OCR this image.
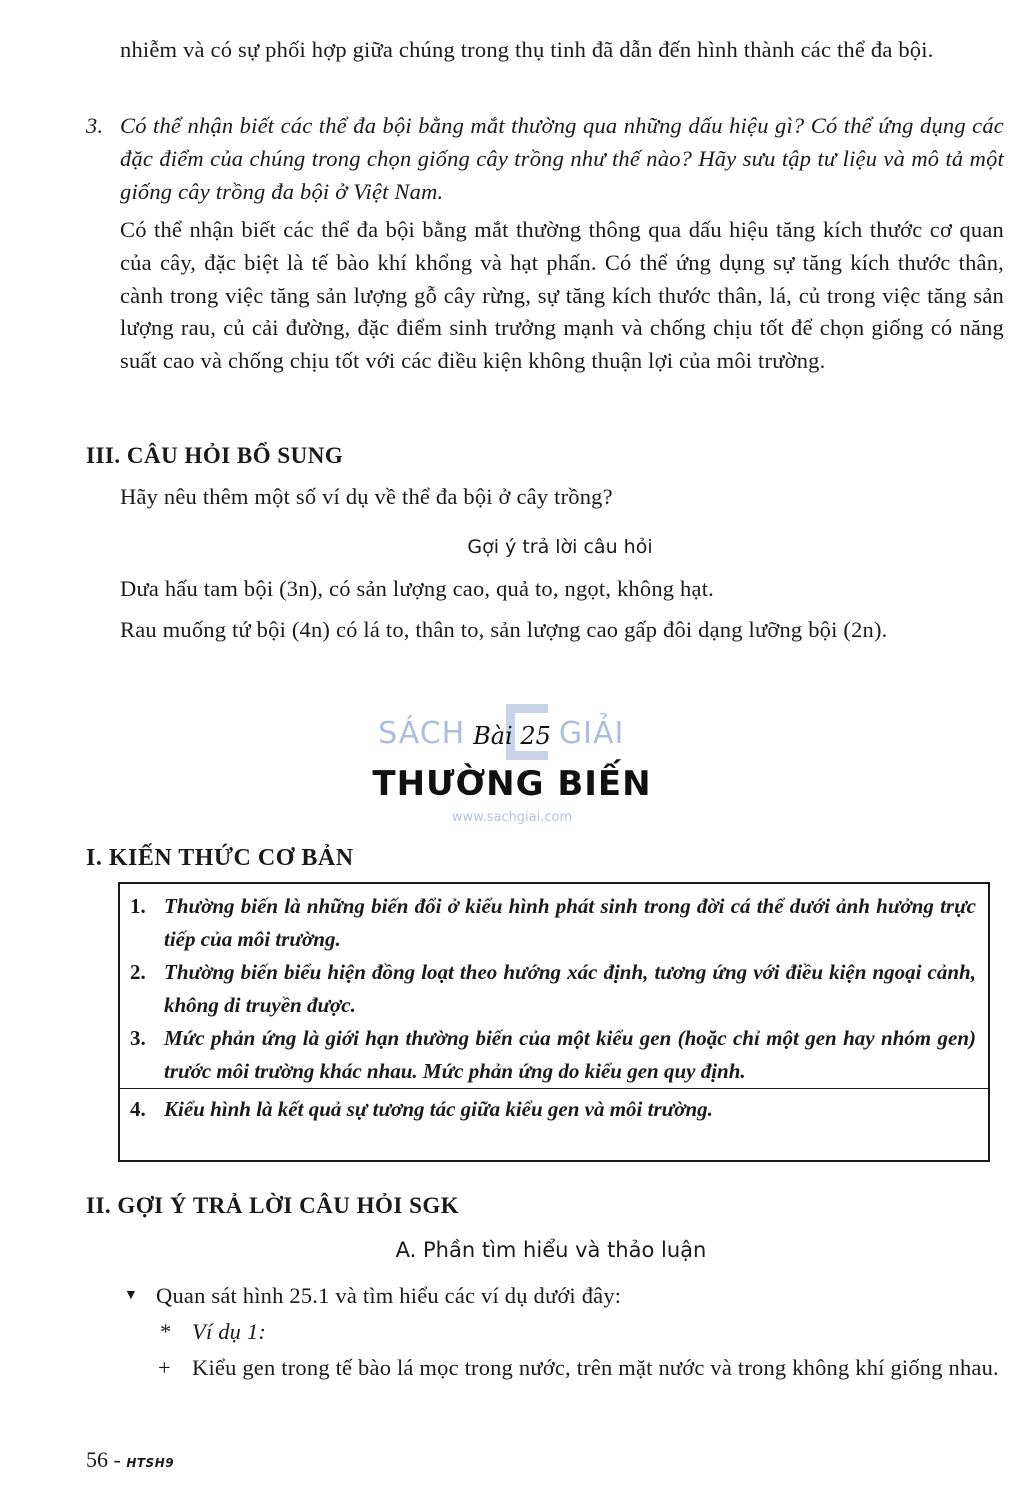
nhiễm và có sự phối hợp giữa chúng trong thụ tinh đã dẫn đến hình thành các thể đa bội.
3. Có thể nhận biết các thể đa bội bằng mắt thường qua những dấu hiệu gì? Có thể ứng dụng các đặc điểm của chúng trong chọn giống cây trồng như thế nào? Hãy sưu tập tư liệu và mô tả một giống cây trồng đa bội ở Việt Nam.
Có thể nhận biết các thể đa bội bằng mắt thường thông qua dấu hiệu tăng kích thước cơ quan của cây, đặc biệt là tế bào khí khổng và hạt phấn. Có thể ứng dụng sự tăng kích thước thân, cành trong việc tăng sản lượng gỗ cây rừng, sự tăng kích thước thân, lá, củ trong việc tăng sản lượng rau, củ cải đường, đặc điểm sinh trưởng mạnh và chống chịu tốt để chọn giống có năng suất cao và chống chịu tốt với các điều kiện không thuận lợi của môi trường.
III. CÂU HỎI BỔ SUNG
Hãy nêu thêm một số ví dụ về thể đa bội ở cây trồng?
Gợi ý trả lời câu hỏi
Dưa hấu tam bội (3n), có sản lượng cao, quả to, ngọt, không hạt.
Rau muống tứ bội (4n) có lá to, thân to, sản lượng cao gấp đôi dạng lưỡng bội (2n).
SÁCH	GIẢI
www.sachgiai.com
Bài 25
THƯỜNG BIẾN
I. KIẾN THỨC CƠ BẢN
1. Thường biến là những biến đổi ở kiểu hình phát sinh trong đời cá thể dưới ảnh hưởng trực tiếp của môi trường.
2. Thường biến biểu hiện đồng loạt theo hướng xác định, tương ứng với điều kiện ngoại cảnh, không di truyền được.
3. Mức phản ứng là giới hạn thường biến của một kiểu gen (hoặc chỉ một gen hay nhóm gen) trước môi trường khác nhau. Mức phản ứng do kiểu gen quy định.
4. Kiểu hình là kết quả sự tương tác giữa kiểu gen và môi trường.
II. GỢI Ý TRẢ LỜI CÂU HỎI SGK
A. Phần tìm hiểu và thảo luận
▼ Quan sát hình 25.1 và tìm hiểu các ví dụ dưới đây:
* Ví dụ 1:
+ Kiểu gen trong tế bào lá mọc trong nước, trên mặt nước và trong không khí giống nhau.
56 - HTSH9
